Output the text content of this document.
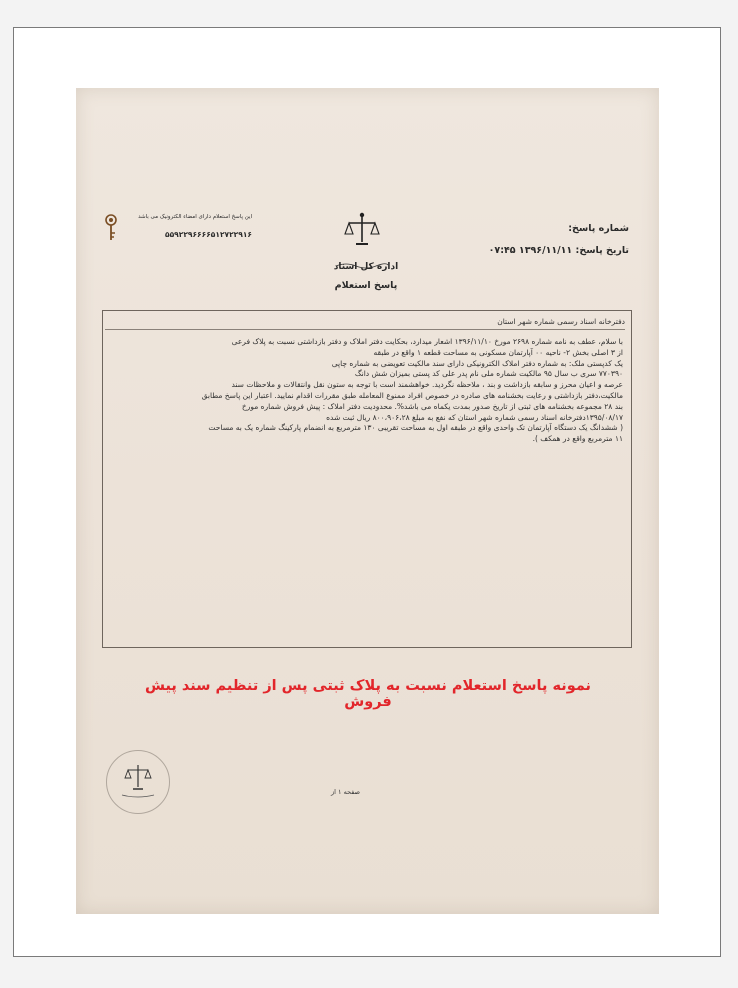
شماره پاسخ:
تاریخ پاسخ: ۱۳۹۶/۱۱/۱۱ ۰۷:۴۵
این پاسخ استعلام دارای امضاء الکترونیک می باشد
۵۵۹۲۲۹۶۶۶۶۵۱۲۷۲۲۹۱۶

اداره کل اسناد
پاسخ استعلام
دفترخانه اسناد رسمی شماره شهر استان
با سلام، عطف به نامه شماره ۲۶۹۸ مورخ ۱۳۹۶/۱۱/۱۰ اشعار میدارد، بحکایت دفتر املاک و دفتر بازداشتی نسبت به پلاک فرعی
از ۳ اصلی بخش ۲- ناحیه ۰۰ آپارتمان مسکونی به مساحت قطعه ۱ واقع در طبقه
یک کدپستی ملک: به شماره دفتر املاک الکترونیکی دارای سند مالکیت تعویضی به شماره چاپی
۷۷۰۳۹۰ سری ب سال ۹۵ مالکیت شماره ملی نام پدر علی کد پستی بمیزان شش دانگ
عرصه و اعیان محرز و سابقه بازداشت و بند ، ملاحظه نگردید. خواهشمند است با توجه به ستون نقل وانتقالات و ملاحظات سند
مالکیت،دفتر بازداشتی و رعایت بخشنامه های صادره در خصوص افراد ممنوع المعامله طبق مقررات اقدام نمایید. اعتبار این پاسخ مطابق
بند ۲۸ مجموعه بخشنامه های ثبتی از تاریخ صدور بمدت یکماه می باشد%. محدودیت دفتر املاک : پیش فروش شماره مورخ
۱۳۹۵/۰۸/۱۷دفترخانه اسناد رسمی شماره شهر استان که نفع به مبلغ ۸۰۰،۹۰۶،۲۸ ریال ثبت شده
( ششدانگ یک دستگاه آپارتمان تک واحدی واقع در طبقه اول به مساحت تقریبی ۱۳۰ مترمربع به انضمام پارکینگ شماره یک به مساحت
۱۱ مترمربع واقع در همکف ).
نمونه پاسخ استعلام نسبت به پلاک ثبتی پس از تنظیم سند پیش فروش
صفحه ۱ از
